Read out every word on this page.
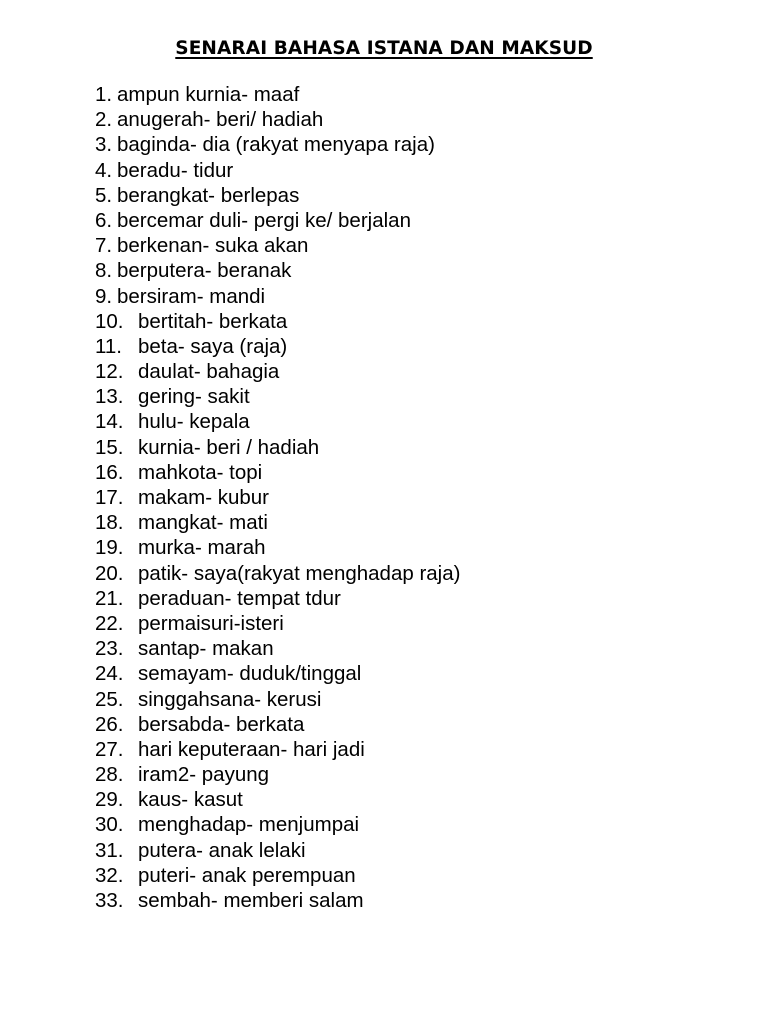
SENARAI BAHASA ISTANA DAN MAKSUD
1. ampun kurnia- maaf
2. anugerah- beri/ hadiah
3. baginda- dia (rakyat menyapa raja)
4. beradu- tidur
5. berangkat- berlepas
6. bercemar duli- pergi ke/ berjalan
7. berkenan- suka akan
8. berputera- beranak
9. bersiram- mandi
10. bertitah- berkata
11. beta- saya (raja)
12. daulat- bahagia
13. gering- sakit
14. hulu- kepala
15. kurnia- beri / hadiah
16. mahkota- topi
17. makam- kubur
18. mangkat- mati
19. murka- marah
20. patik- saya(rakyat menghadap raja)
21. peraduan- tempat tdur
22. permaisuri-isteri
23. santap- makan
24. semayam- duduk/tinggal
25. singgahsana- kerusi
26. bersabda- berkata
27. hari keputeraan- hari jadi
28. iram2- payung
29. kaus- kasut
30. menghadap- menjumpai
31. putera- anak lelaki
32. puteri- anak perempuan
33. sembah- memberi salam
